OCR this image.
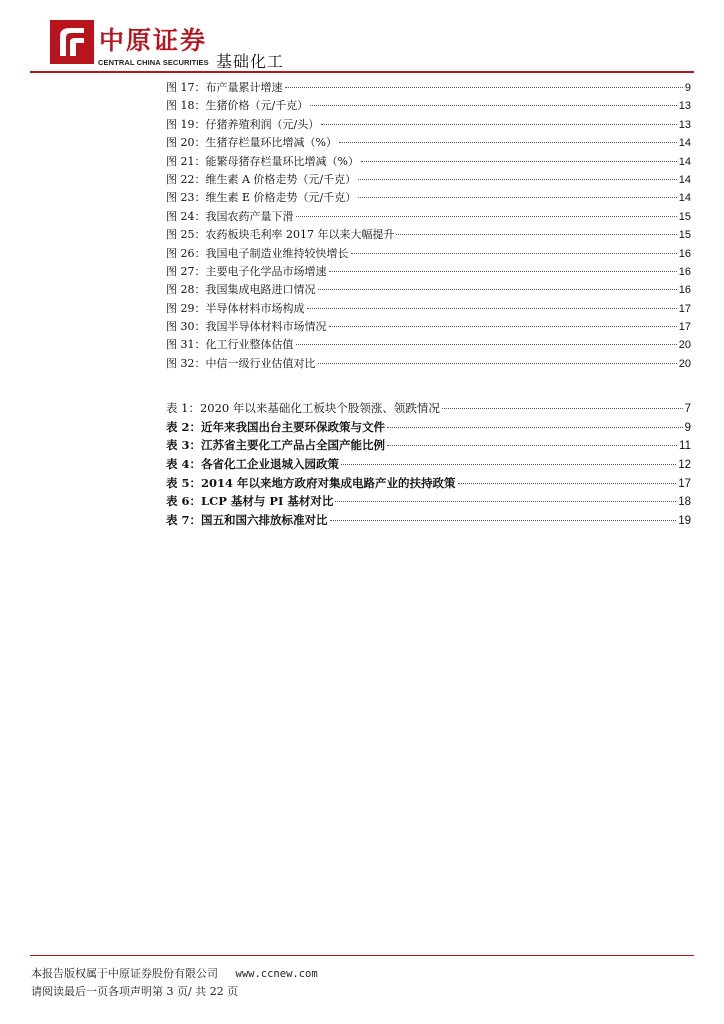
中原证券
CENTRAL CHINA SECURITIES 基础化工
图 17：布产量累计增速	9
图 18：生猪价格（元/千克）	13
图 19：仔猪养殖利润（元/头）	13
图 20：生猪存栏量环比增减（%）	14
图 21：能繁母猪存栏量环比增减（%）	14
图 22：维生素 A 价格走势（元/千克）	14
图 23：维生素 E 价格走势（元/千克）	14
图 24：我国农药产量下滑	15
图 25：农药板块毛利率 2017 年以来大幅提升	15
图 26：我国电子制造业维持较快增长	16
图 27：主要电子化学品市场增速	16
图 28：我国集成电路进口情况	16
图 29：半导体材料市场构成	17
图 30：我国半导体材料市场情况	17
图 31：化工行业整体估值	20
图 32：中信一级行业估值对比	20
表 1：2020 年以来基础化工板块个股领涨、领跌情况	7
表 2：近年来我国出台主要环保政策与文件	9
表 3：江苏省主要化工产品占全国产能比例	11
表 4：各省化工企业退城入园政策	12
表 5：2014 年以来地方政府对集成电路产业的扶持政策	17
表 6：LCP 基材与 PI 基材对比	18
表 7：国五和国六排放标准对比	19
本报告版权属于中原证券股份有限公司 www.ccnew.com
请阅读最后一页各项声明第 3 页/ 共 22 页
